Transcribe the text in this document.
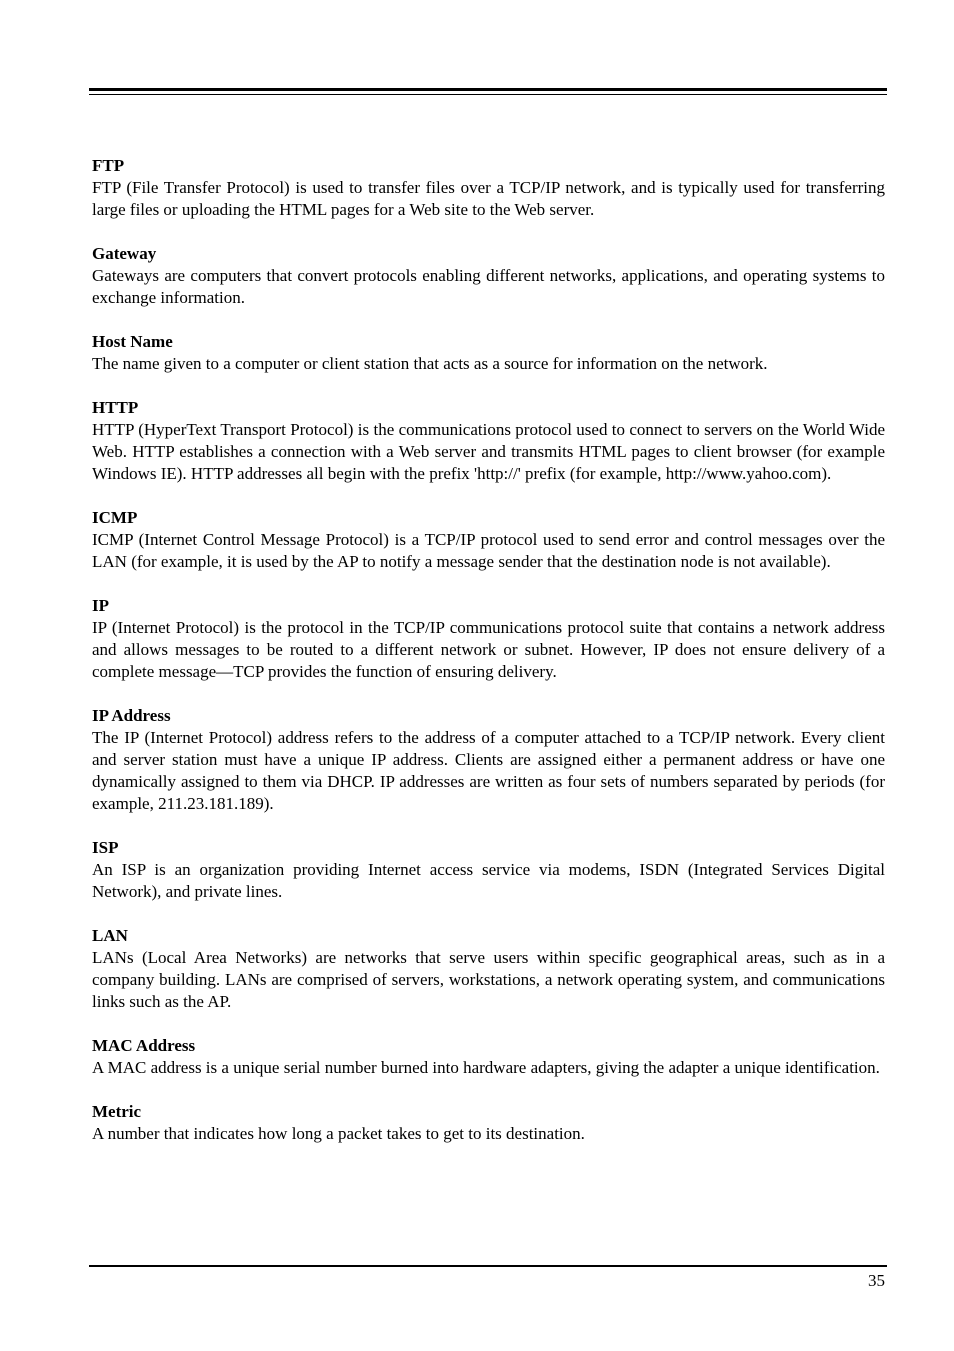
FTP

FTP (File Transfer Protocol) is used to transfer files over a TCP/IP network, and is typically used for transferring large files or uploading the HTML pages for a Web site to the Web server.

Gateway

Gateways are computers that convert protocols enabling different networks, applications, and operating systems to exchange information.

Host Name

The name given to a computer or client station that acts as a source for information on the network.

HTTP

HTTP (HyperText Transport Protocol) is the communications protocol used to connect to servers on the World Wide Web. HTTP establishes a connection with a Web server and transmits HTML pages to client browser (for example Windows IE). HTTP addresses all begin with the prefix 'http://' prefix (for example, http://www.yahoo.com).

ICMP

ICMP (Internet Control Message Protocol) is a TCP/IP protocol used to send error and control messages over the LAN (for example, it is used by the AP to notify a message sender that the destination node is not available).

IP

IP (Internet Protocol) is the protocol in the TCP/IP communications protocol suite that contains a network address and allows messages to be routed to a different network or subnet. However, IP does not ensure delivery of a complete message—TCP provides the function of ensuring delivery.

IP Address

The IP (Internet Protocol) address refers to the address of a computer attached to a TCP/IP network. Every client and server station must have a unique IP address. Clients are assigned either a permanent address or have one dynamically assigned to them via DHCP. IP addresses are written as four sets of numbers separated by periods (for example, 211.23.181.189).

ISP

An ISP is an organization providing Internet access service via modems, ISDN (Integrated Services Digital Network), and private lines.

LAN

LANs (Local Area Networks) are networks that serve users within specific geographical areas, such as in a company building. LANs are comprised of servers, workstations, a network operating system, and communications links such as the AP.

MAC Address

A MAC address is a unique serial number burned into hardware adapters, giving the adapter a unique identification.

Metric

A number that indicates how long a packet takes to get to its destination.

35
